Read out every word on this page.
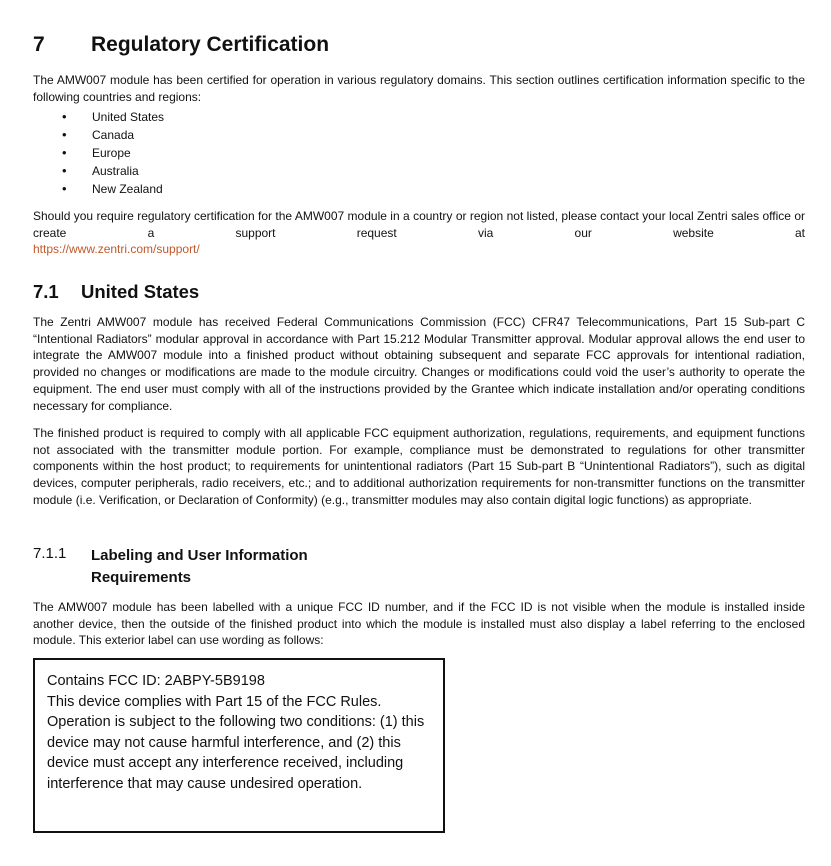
7 Regulatory Certification

The AMW007 module has been certified for operation in various regulatory domains. This section outlines certification information specific to the following countries and regions:

• United States
• Canada
• Europe
• Australia
• New Zealand

Should you require regulatory certification for the AMW007 module in a country or region not listed, please contact your local Zentri sales office or create a support request via our website at

https://www.zentri.com/support/

7.1 United States

The Zentri AMW007 module has received Federal Communications Commission (FCC) CFR47 Telecommunications, Part 15 Sub-part C “Intentional Radiators” modular approval in accordance with Part 15.212 Modular Transmitter approval. Modular approval allows the end user to integrate the AMW007 module into a finished product without obtaining subsequent and separate FCC approvals for intentional radiation, provided no changes or modifications are made to the module circuitry. Changes or modifications could void the user’s authority to operate the equipment. The end user must comply with all of the instructions provided by the Grantee which indicate installation and/or operating conditions necessary for compliance.

The finished product is required to comply with all applicable FCC equipment authorization, regulations, requirements, and equipment functions not associated with the transmitter module portion. For example, compliance must be demonstrated to regulations for other transmitter components within the host product; to requirements for unintentional radiators (Part 15 Sub-part B “Unintentional Radiators”), such as digital devices, computer peripherals, radio receivers, etc.; and to additional authorization requirements for non-transmitter functions on the transmitter module (i.e. Verification, or Declaration of Conformity) (e.g., transmitter modules may also contain digital logic functions) as appropriate.

7.1.1 Labeling and User Information Requirements

The AMW007 module has been labelled with a unique FCC ID number, and if the FCC ID is not visible when the module is installed inside another device, then the outside of the finished product into which the module is installed must also display a label referring to the enclosed module. This exterior label can use wording as follows:

Contains FCC ID: 2ABPY-5B9198
This device complies with Part 15 of the FCC Rules. Operation is subject to the following two conditions: (1) this device may not cause harmful interference, and (2) this device must accept any interference received, including interference that may cause undesired operation.
